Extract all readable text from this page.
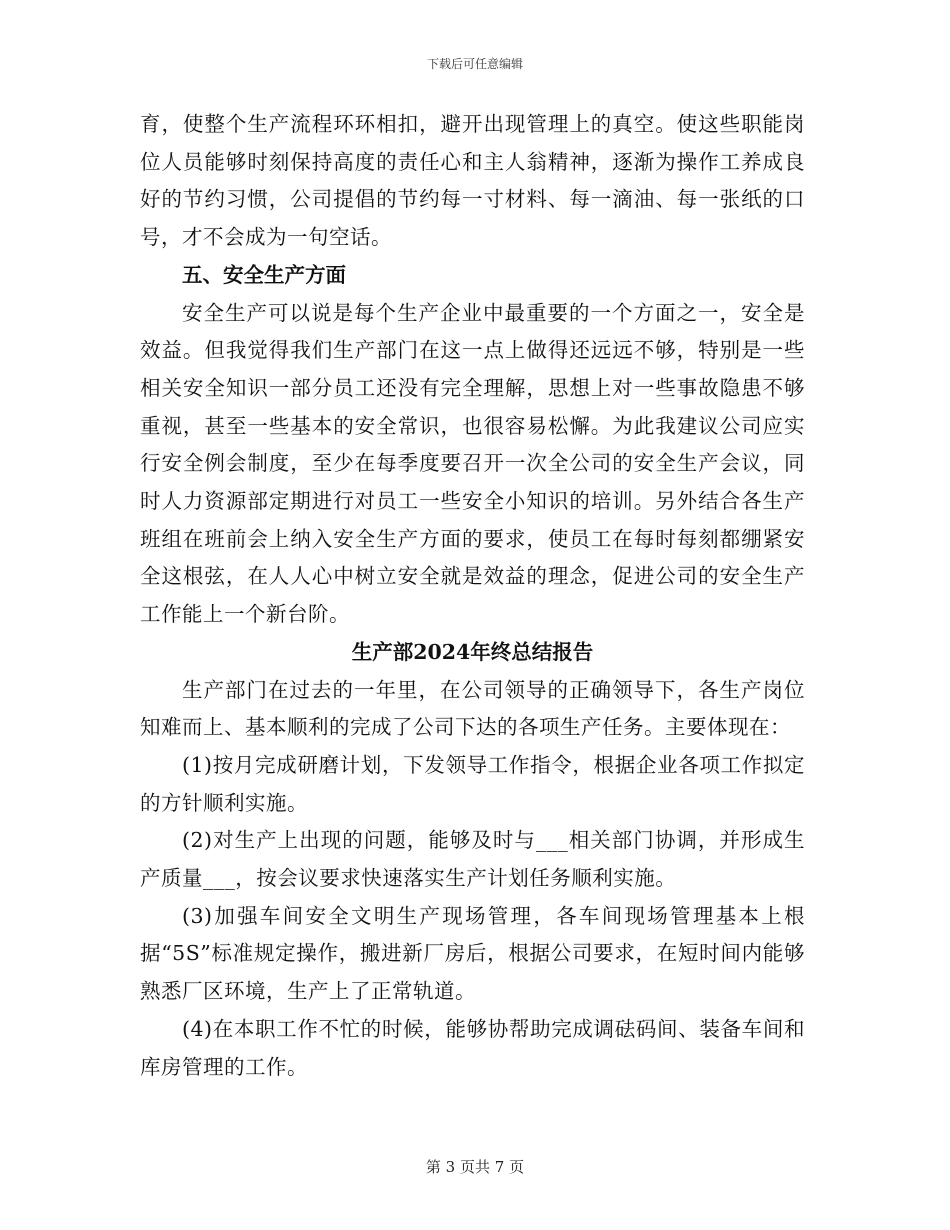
下载后可任意编辑

育，使整个生产流程环环相扣，避开出现管理上的真空。使这些职能岗位人员能够时刻保持高度的责任心和主人翁精神，逐渐为操作工养成良好的节约习惯，公司提倡的节约每一寸材料、每一滴油、每一张纸的口号，才不会成为一句空话。

五、安全生产方面

安全生产可以说是每个生产企业中最重要的一个方面之一，安全是效益。但我觉得我们生产部门在这一点上做得还远远不够，特别是一些相关安全知识一部分员工还没有完全理解，思想上对一些事故隐患不够重视，甚至一些基本的安全常识，也很容易松懈。为此我建议公司应实行安全例会制度，至少在每季度要召开一次全公司的安全生产会议，同时人力资源部定期进行对员工一些安全小知识的培训。另外结合各生产班组在班前会上纳入安全生产方面的要求，使员工在每时每刻都绷紧安全这根弦，在人人心中树立安全就是效益的理念，促进公司的安全生产工作能上一个新台阶。

生产部2024年终总结报告

生产部门在过去的一年里，在公司领导的正确领导下，各生产岗位知难而上、基本顺利的完成了公司下达的各项生产任务。主要体现在：

(1)按月完成研磨计划，下发领导工作指令，根据企业各项工作拟定的方针顺利实施。

(2)对生产上出现的问题，能够及时与___相关部门协调，并形成生产质量___，按会议要求快速落实生产计划任务顺利实施。

(3)加强车间安全文明生产现场管理，各车间现场管理基本上根据“5S”标准规定操作，搬进新厂房后，根据公司要求，在短时间内能够熟悉厂区环境，生产上了正常轨道。

(4)在本职工作不忙的时候，能够协帮助完成调砝码间、装备车间和库房管理的工作。

第 3 页共 7 页
